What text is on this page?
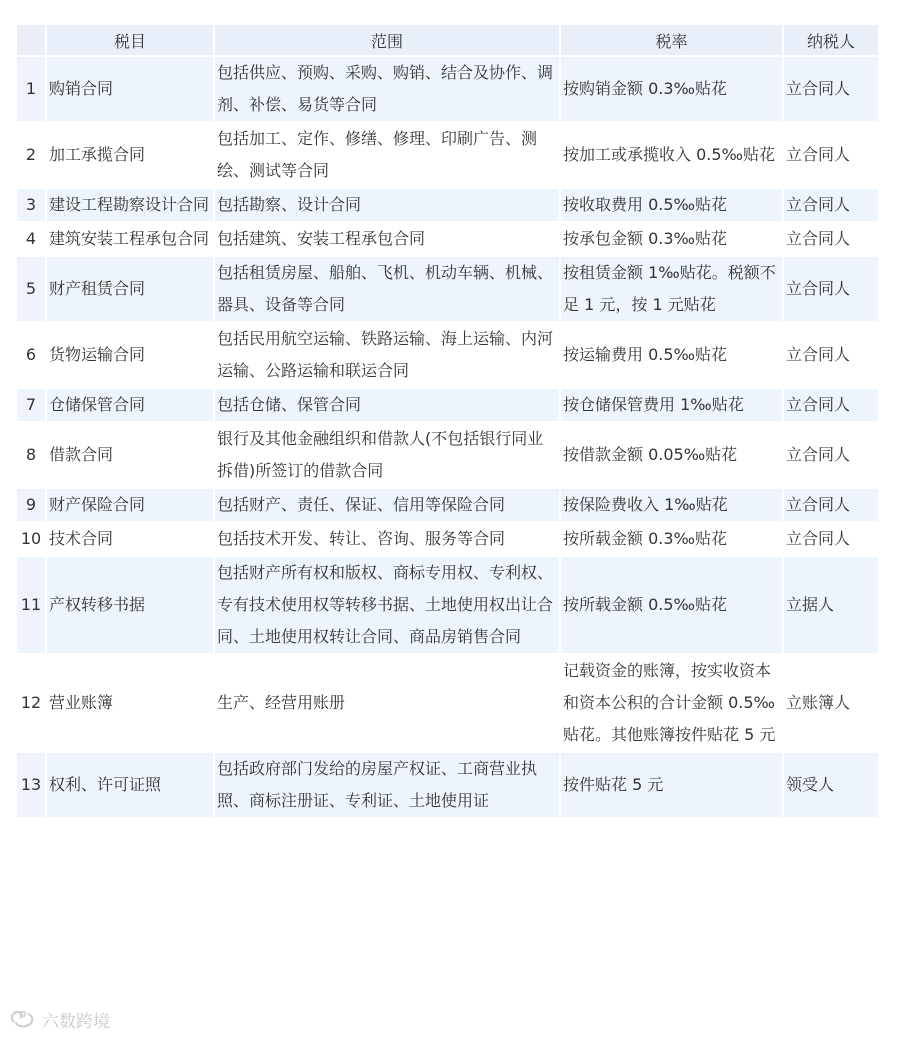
	税目	范围	税率	纳税人
1	购销合同	包括供应、预购、采购、购销、结合及协作、调剂、补偿、易货等合同	按购销金额 0.3‰贴花	立合同人
2	加工承揽合同	包括加工、定作、修缮、修理、印刷广告、测绘、测试等合同	按加工或承揽收入 0.5‰贴花	立合同人
3	建设工程勘察设计合同	包括勘察、设计合同	按收取费用 0.5‰贴花	立合同人
4	建筑安装工程承包合同	包括建筑、安装工程承包合同	按承包金额 0.3‰贴花	立合同人
5	财产租赁合同	包括租赁房屋、船舶、飞机、机动车辆、机械、器具、设备等合同	按租赁金额 1‰贴花。税额不足 1 元，按 1 元贴花	立合同人
6	货物运输合同	包括民用航空运输、铁路运输、海上运输、内河运输、公路运输和联运合同	按运输费用 0.5‰贴花	立合同人
7	仓储保管合同	包括仓储、保管合同	按仓储保管费用 1‰贴花	立合同人
8	借款合同	银行及其他金融组织和借款人(不包括银行同业拆借)所签订的借款合同	按借款金额 0.05‰贴花	立合同人
9	财产保险合同	包括财产、责任、保证、信用等保险合同	按保险费收入 1‰贴花	立合同人
10	技术合同	包括技术开发、转让、咨询、服务等合同	按所载金额 0.3‰贴花	立合同人
11	产权转移书据	包括财产所有权和版权、商标专用权、专利权、专有技术使用权等转移书据、土地使用权出让合同、土地使用权转让合同、商品房销售合同	按所载金额 0.5‰贴花	立据人
12	营业账簿	生产、经营用账册	记载资金的账簿，按实收资本和资本公积的合计金额 0.5‰贴花。其他账簿按件贴花 5 元	立账簿人
13	权利、许可证照	包括政府部门发给的房屋产权证、工商营业执照、商标注册证、专利证、土地使用证	按件贴花 5 元	领受人
六数跨境
